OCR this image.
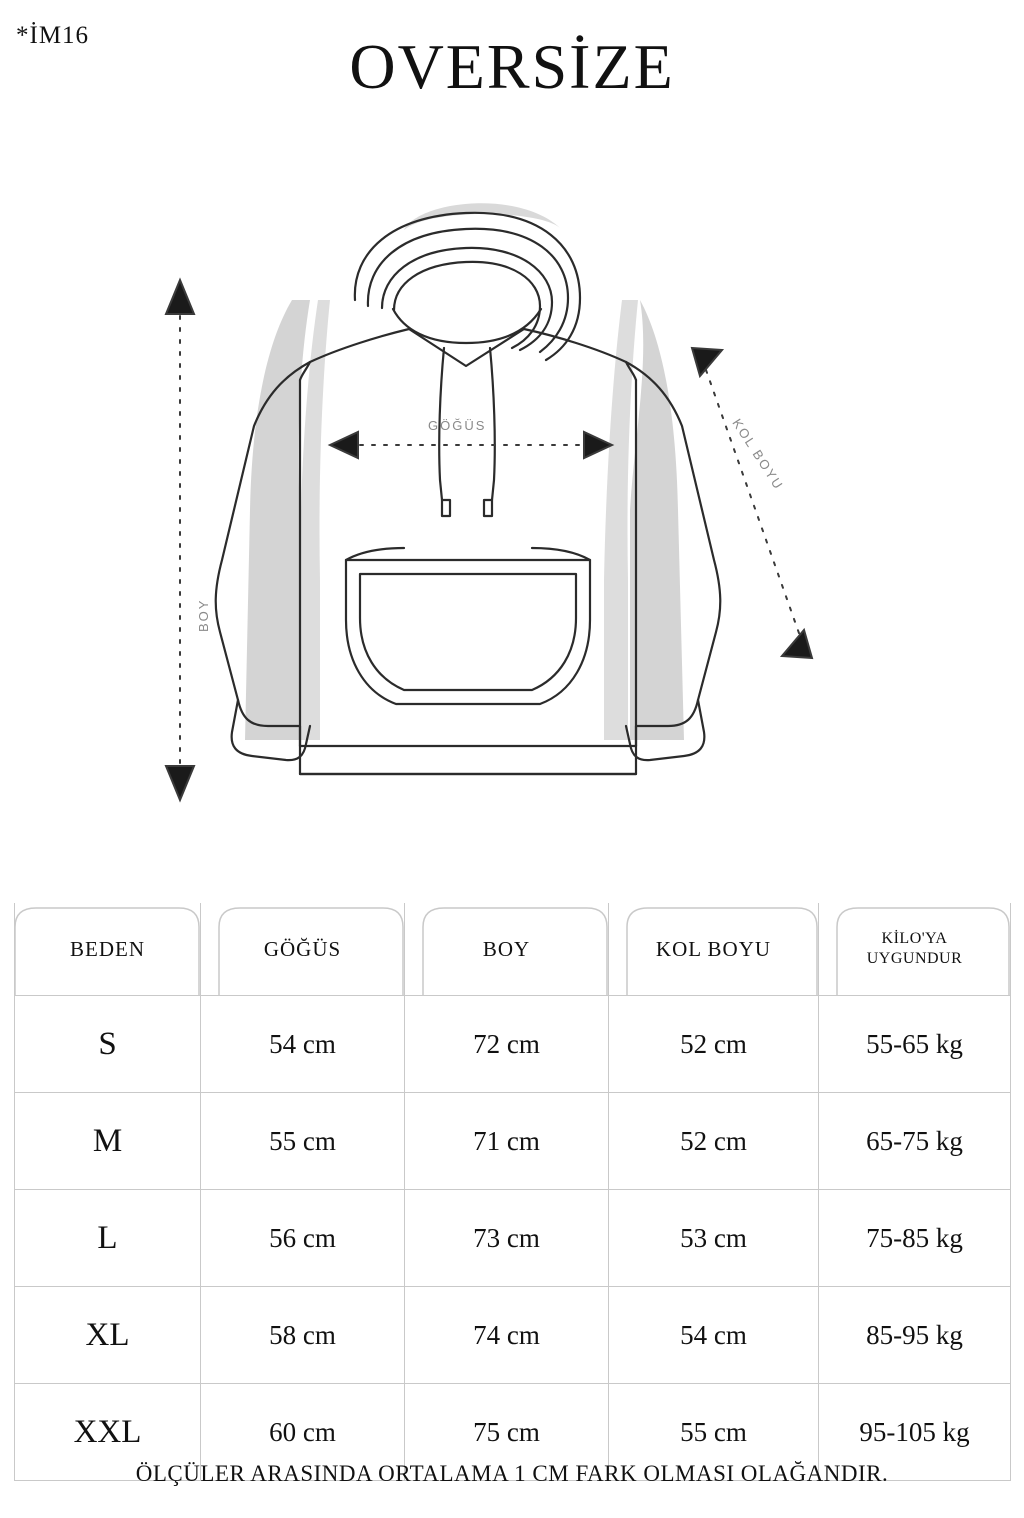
*İM16	OVERSİZE
GÖĞÜS
BOY
KOL BOYU
BEDEN	GÖĞÜS	BOY	KOL BOYU	KİLO'YA
UYGUNDUR

S	54 cm	72 cm	52 cm	55-65 kg
M	55 cm	71 cm	52 cm	65-75 kg
L	56 cm	73 cm	53 cm	75-85 kg
XL	58 cm	74 cm	54 cm	85-95 kg
XXL	60 cm	75 cm	55 cm	95-105 kg
ÖLÇÜLER ARASINDA ORTALAMA 1 CM FARK OLMASI OLAĞANDIR.
